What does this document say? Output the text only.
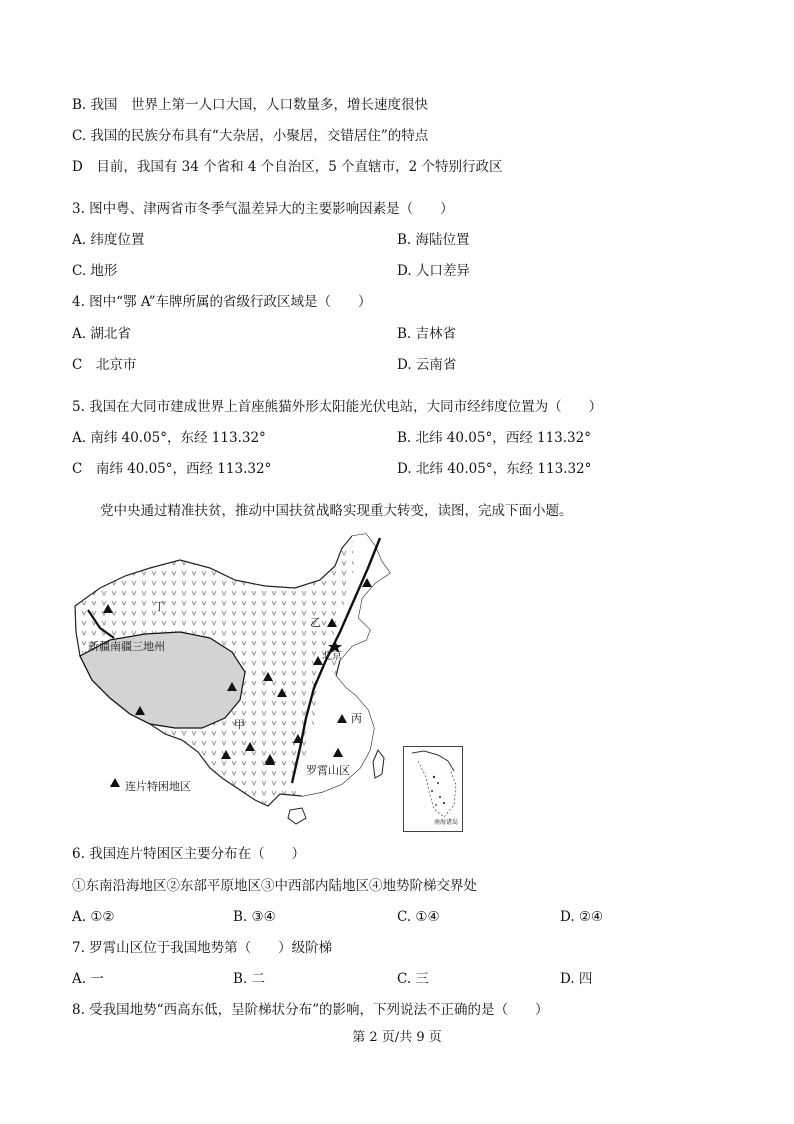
B. 我国　世界上第一人口大国，人口数量多，增长速度很快
C. 我国的民族分布具有“大杂居，小聚居，交错居住”的特点
D　目前，我国有 34 个省和 4 个自治区，5 个直辖市，2 个特别行政区
3. 图中粤、津两省市冬季气温差异大的主要影响因素是（　　）
A. 纬度位置	B. 海陆位置
C. 地形	D. 人口差异
4. 图中“鄂 A”车牌所属的省级行政区域是（　　）
A. 湖北省	B. 吉林省
C　北京市	D. 云南省
5. 我国在大同市建成世界上首座熊猫外形太阳能光伏电站，大同市经纬度位置为（　　）
A. 南纬 40.05°，东经 113.32°	B. 北纬 40.05°，西经 113.32°
C　南纬 40.05°，西经 113.32°	D. 北纬 40.05°，东经 113.32°
党中央通过精准扶贫，推动中国扶贫战略实现重大转变，读图，完成下面小题。
丁
新疆南疆三地州
乙
北京
甲	丙
罗霄山区
连片特困地区
南海诸岛
6. 我国连片特困区主要分布在（　　）
①东南沿海地区②东部平原地区③中西部内陆地区④地势阶梯交界处
A. ①②	B. ③④	C. ①④	D. ②④
7. 罗霄山区位于我国地势第（　　）级阶梯
A. 一	B. 二	C. 三	D. 四
8. 受我国地势“西高东低，呈阶梯状分布”的影响，下列说法不正确的是（　　）
第 2 页/共 9 页
